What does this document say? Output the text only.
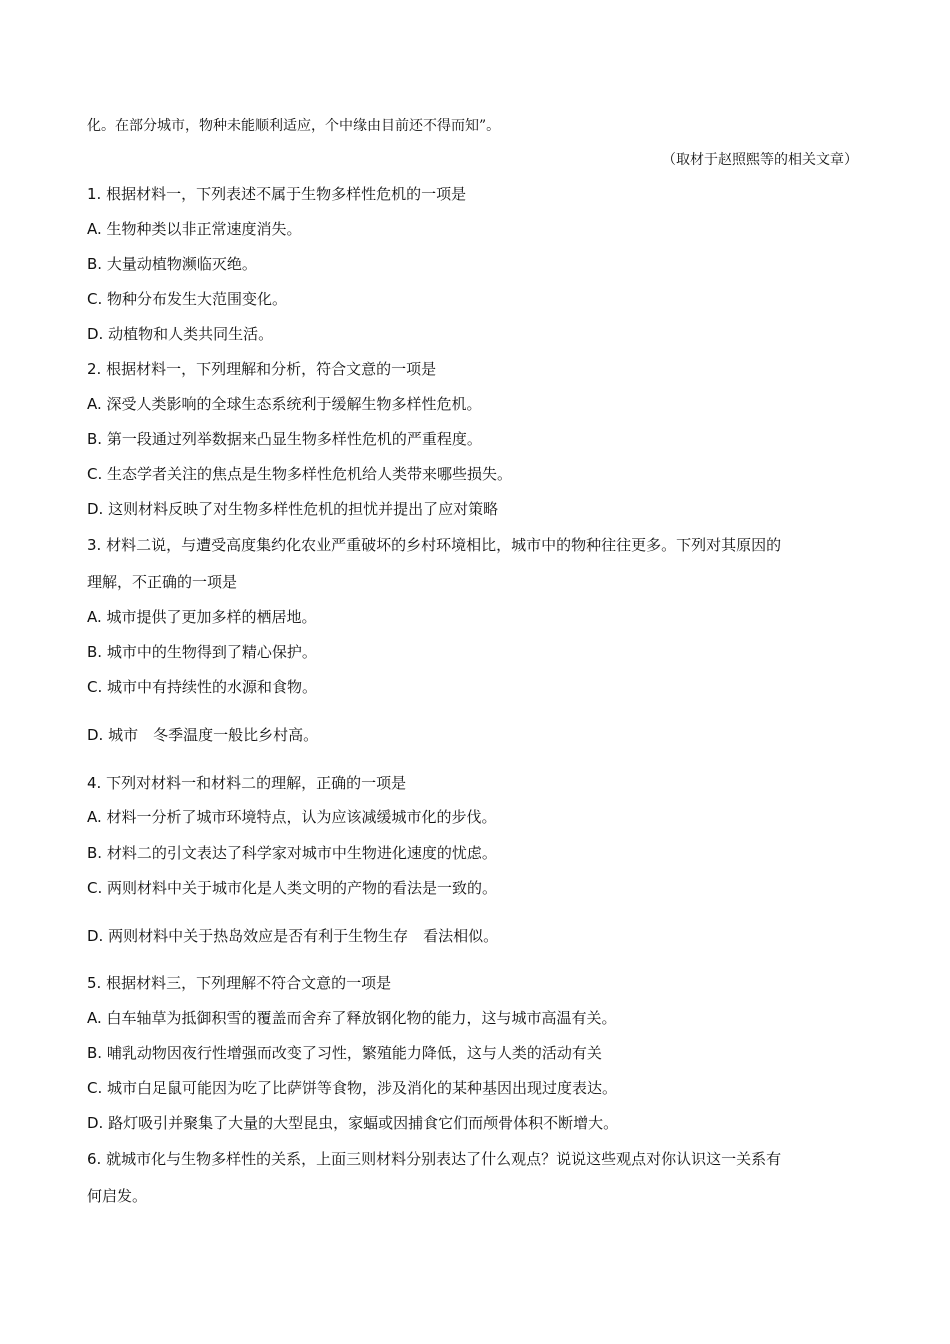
化。在部分城市，物种未能顺利适应，个中缘由目前还不得而知”。
（取材于赵照熙等的相关文章）
1. 根据材料一，下列表述不属于生物多样性危机的一项是
A. 生物种类以非正常速度消失。
B. 大量动植物濒临灭绝。
C. 物种分布发生大范围变化。
D. 动植物和人类共同生活。
2. 根据材料一，下列理解和分析，符合文意的一项是
A. 深受人类影响的全球生态系统利于缓解生物多样性危机。
B. 第一段通过列举数据来凸显生物多样性危机的严重程度。
C. 生态学者关注的焦点是生物多样性危机给人类带来哪些损失。
D. 这则材料反映了对生物多样性危机的担忧并提出了应对策略
3. 材料二说，与遭受高度集约化农业严重破坏的乡村环境相比，城市中的物种往往更多。下列对其原因的
理解，不正确的一项是
A. 城市提供了更加多样的栖居地。
B. 城市中的生物得到了精心保护。
C. 城市中有持续性的水源和食物。
D. 城市　冬季温度一般比乡村高。
4. 下列对材料一和材料二的理解，正确的一项是
A. 材料一分析了城市环境特点，认为应该减缓城市化的步伐。
B. 材料二的引文表达了科学家对城市中生物进化速度的忧虑。
C. 两则材料中关于城市化是人类文明的产物的看法是一致的。
D. 两则材料中关于热岛效应是否有利于生物生存　看法相似。
5. 根据材料三，下列理解不符合文意的一项是
A. 白车轴草为抵御积雪的覆盖而舍弃了释放钢化物的能力，这与城市高温有关。
B. 哺乳动物因夜行性增强而改变了习性，繁殖能力降低，这与人类的活动有关
C. 城市白足鼠可能因为吃了比萨饼等食物，涉及消化的某种基因出现过度表达。
D. 路灯吸引并聚集了大量的大型昆虫，家蝠或因捕食它们而颅骨体积不断增大。
6. 就城市化与生物多样性的关系，上面三则材料分别表达了什么观点？说说这些观点对你认识这一关系有
何启发。
